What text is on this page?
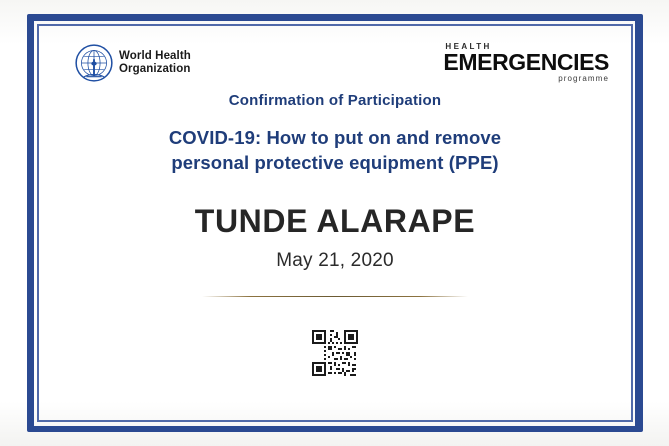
World Health
Organization
HEALTH
EMERGENCIES
programme
Confirmation of Participation
COVID-19: How to put on and remove
personal protective equipment (PPE)
TUNDE ALARAPE
May 21, 2020
